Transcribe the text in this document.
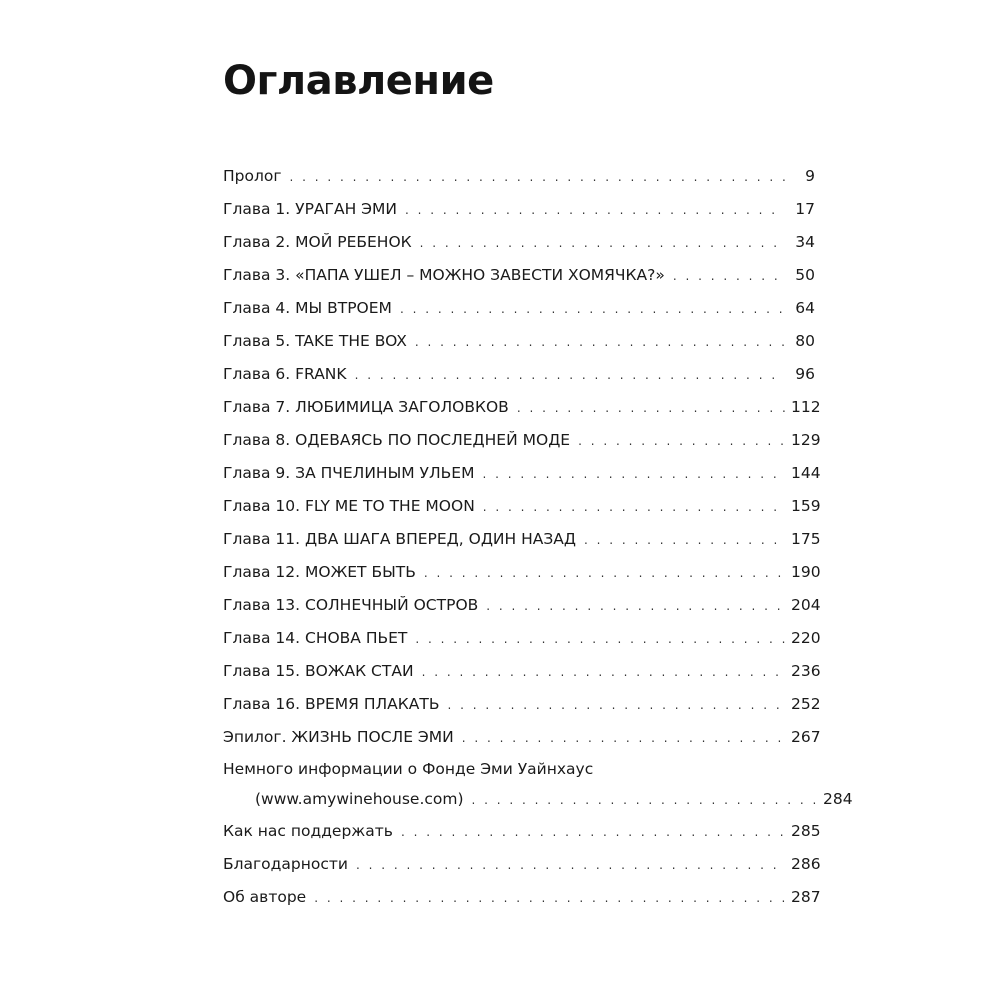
Оглавление
Пролог . . .	9
Глава 1. УРАГАН ЭМИ . . .	17
Глава 2. МОЙ РЕБЕНОК . . .	34
Глава 3. «ПАПА УШЕЛ – МОЖНО ЗАВЕСТИ ХОМЯЧКА?» . . .	50
Глава 4. МЫ ВТРОЕМ . . .	64
Глава 5. TAKE THE BOX . . .	80
Глава 6. FRANK . . .	96
Глава 7. ЛЮБИМИЦА ЗАГОЛОВКОВ . . .	112
Глава 8. ОДЕВАЯСЬ ПО ПОСЛЕДНЕЙ МОДЕ . . .	129
Глава 9. ЗА ПЧЕЛИНЫМ УЛЬЕМ . . .	144
Глава 10. FLY ME TO THE MOON . . .	159
Глава 11. ДВА ШАГА ВПЕРЕД, ОДИН НАЗАД . . .	175
Глава 12. МОЖЕТ БЫТЬ . . .	190
Глава 13. СОЛНЕЧНЫЙ ОСТРОВ . . .	204
Глава 14. СНОВА ПЬЕТ . . .	220
Глава 15. ВОЖАК СТАИ . . .	236
Глава 16. ВРЕМЯ ПЛАКАТЬ . . .	252
Эпилог. ЖИЗНЬ ПОСЛЕ ЭМИ . . .	267
Немного информации о Фонде Эми Уайнхаус
(www.amywinehouse.com) . . .	284
Как нас поддержать . . .	285
Благодарности . . .	286
Об авторе . . .	287
